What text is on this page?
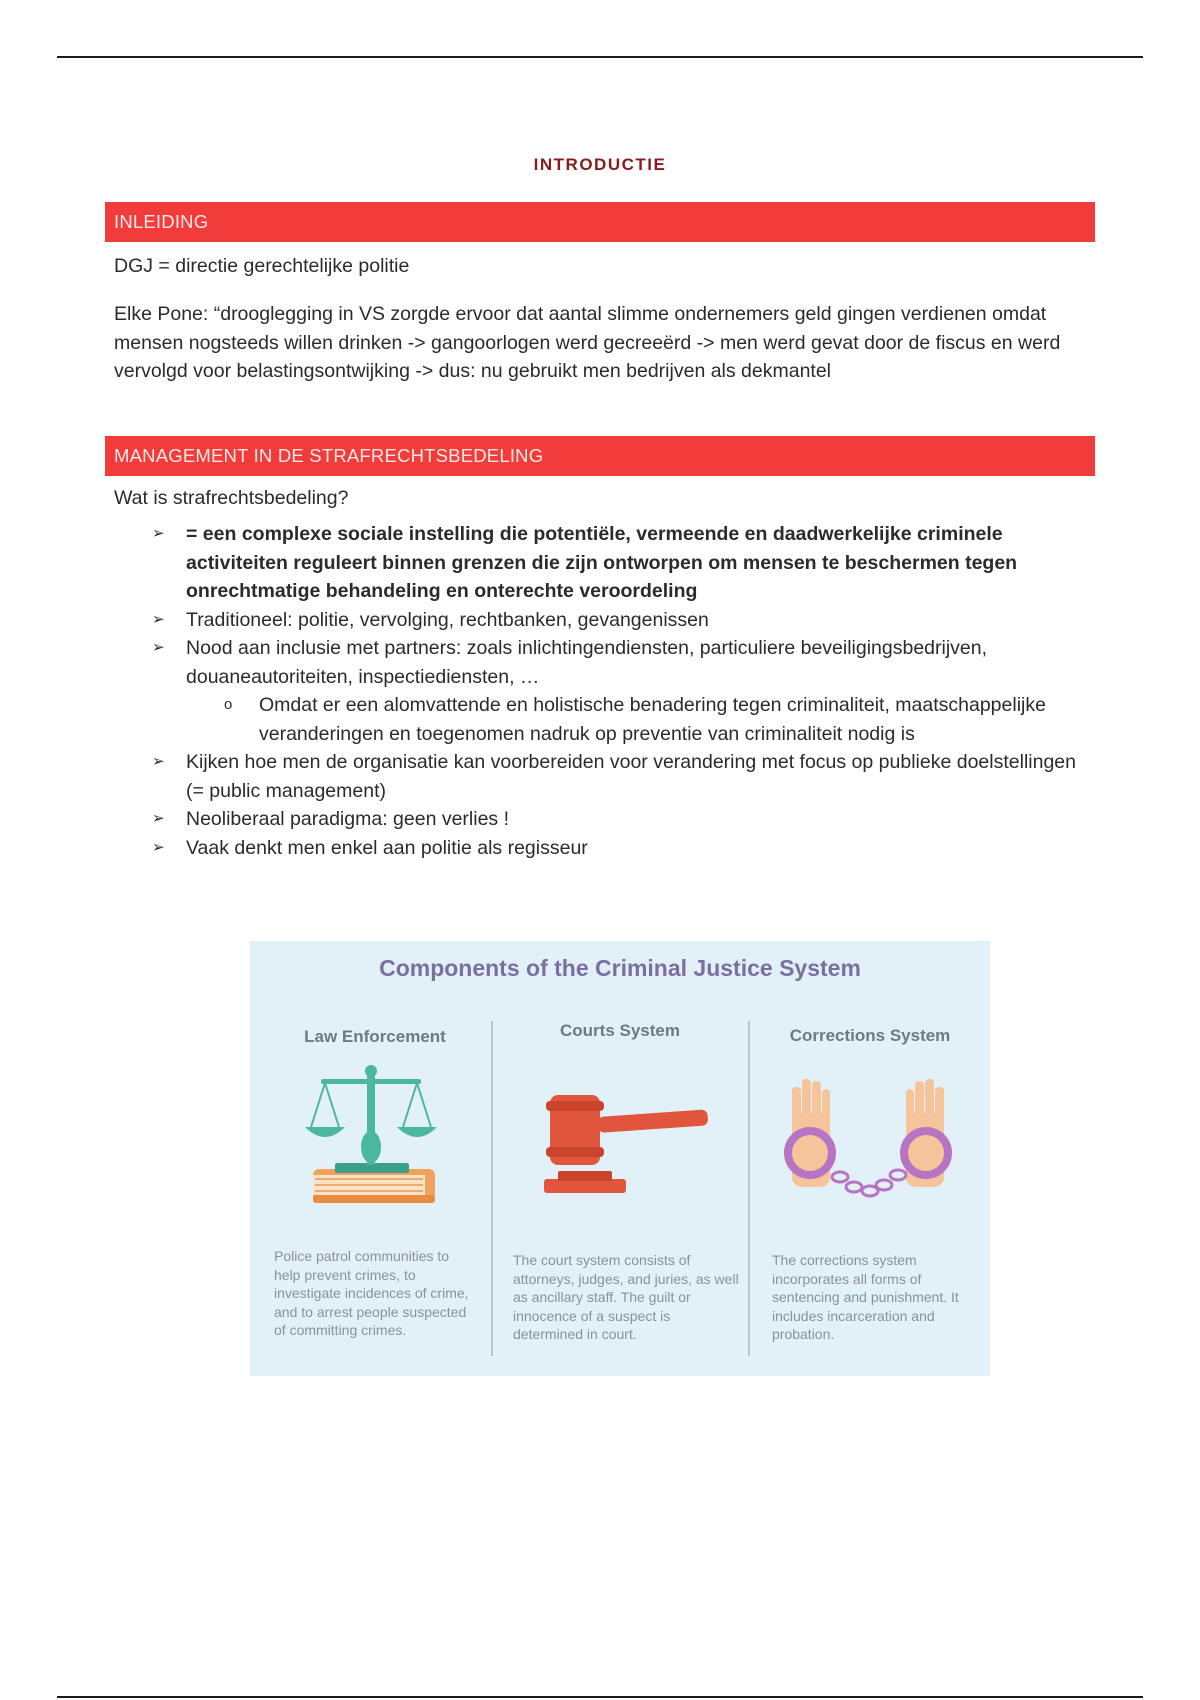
INTRODUCTIE
INLEIDING
DGJ = directie gerechtelijke politie
Elke Pone: “drooglegging in VS zorgde ervoor dat aantal slimme ondernemers geld gingen verdienen omdat mensen nogsteeds willen drinken -> gangoorlogen werd gecreeërd -> men werd gevat door de fiscus en werd vervolgd voor belastingsontwijking -> dus: nu gebruikt men bedrijven als dekmantel
MANAGEMENT IN DE STRAFRECHTSBEDELING
Wat is strafrechtsbedeling?
➢ = een complexe sociale instelling die potentiële, vermeende en daadwerkelijke criminele activiteiten reguleert binnen grenzen die zijn ontworpen om mensen te beschermen tegen onrechtmatige behandeling en onterechte veroordeling
➢ Traditioneel: politie, vervolging, rechtbanken, gevangenissen
➢ Nood aan inclusie met partners: zoals inlichtingendiensten, particuliere beveiligingsbedrijven, douaneautoriteiten, inspectiediensten, …
o Omdat er een alomvattende en holistische benadering tegen criminaliteit, maatschappelijke veranderingen en toegenomen nadruk op preventie van criminaliteit nodig is
➢ Kijken hoe men de organisatie kan voorbereiden voor verandering met focus op publieke doelstellingen (= public management)
➢ Neoliberaal paradigma: geen verlies !
➢ Vaak denkt men enkel aan politie als regisseur
Components of the Criminal Justice System
Law Enforcement
Police patrol communities to help prevent crimes, to investigate incidences of crime, and to arrest people suspected of committing crimes.
Courts System
The court system consists of attorneys, judges, and juries, as well as ancillary staff. The guilt or innocence of a suspect is determined in court.
Corrections System
The corrections system incorporates all forms of sentencing and punishment. It includes incarceration and probation.
